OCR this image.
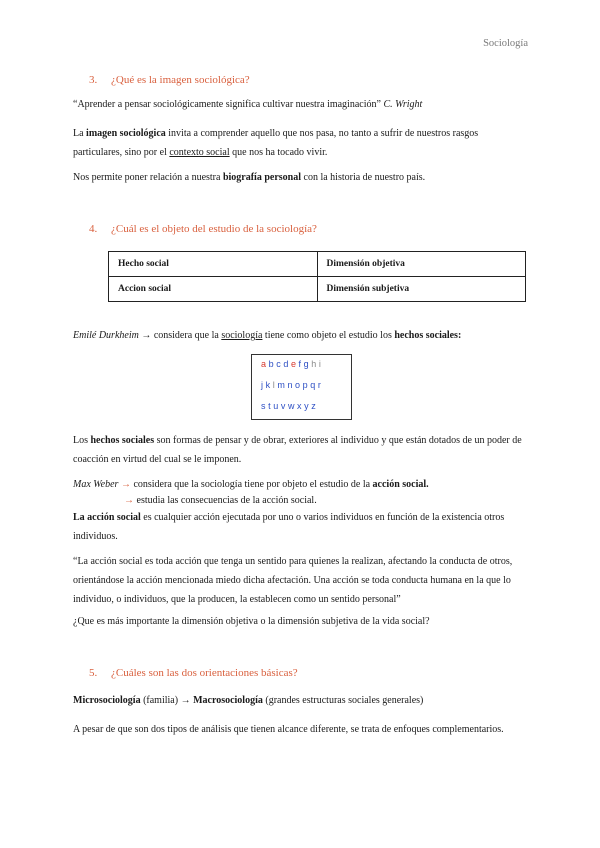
Sociología
3. ¿Qué es la imagen sociológica?

“Aprender a pensar sociológicamente significa cultivar nuestra imaginación” C. Wright

La imagen sociológica invita a comprender aquello que nos pasa, no tanto a sufrir de nuestros rasgos particulares, sino por el contexto social que nos ha tocado vivir.

Nos permite poner relación a nuestra biografía personal con la historia de nuestro país.

4. ¿Cuál es el objeto del estudio de la sociología?
Hecho social	Dimensión objetiva
Accion social	Dimensión subjetiva

Emilé Durkheim → considera que la sociología tiene como objeto el estudio los hechos sociales:

abcdefghi
jklmnopqr
stuvwxyz

Los hechos sociales son formas de pensar y de obrar, exteriores al individuo y que están dotados de un poder de coacción en virtud del cual se le imponen.

Max Weber → considera que la sociología tiene por objeto el estudio de la acción social.

→ estudia las consecuencias de la acción social.

La acción social es cualquier acción ejecutada por uno o varios individuos en función de la existencia otros individuos.

“La acción social es toda acción que tenga un sentido para quienes la realizan, afectando la conducta de otros, orientándose la acción mencionada miedo dicha afectación. Una acción se toda conducta humana en la que lo individuo, o individuos, que la producen, la establecen como un sentido personal”

¿Que es más importante la dimensión objetiva o la dimensión subjetiva de la vida social?

5. ¿Cuáles son las dos orientaciones básicas?

Microsociología (familia) → Macrosociología (grandes estructuras sociales generales)

A pesar de que son dos tipos de análisis que tienen alcance diferente, se trata de enfoques complementarios.
